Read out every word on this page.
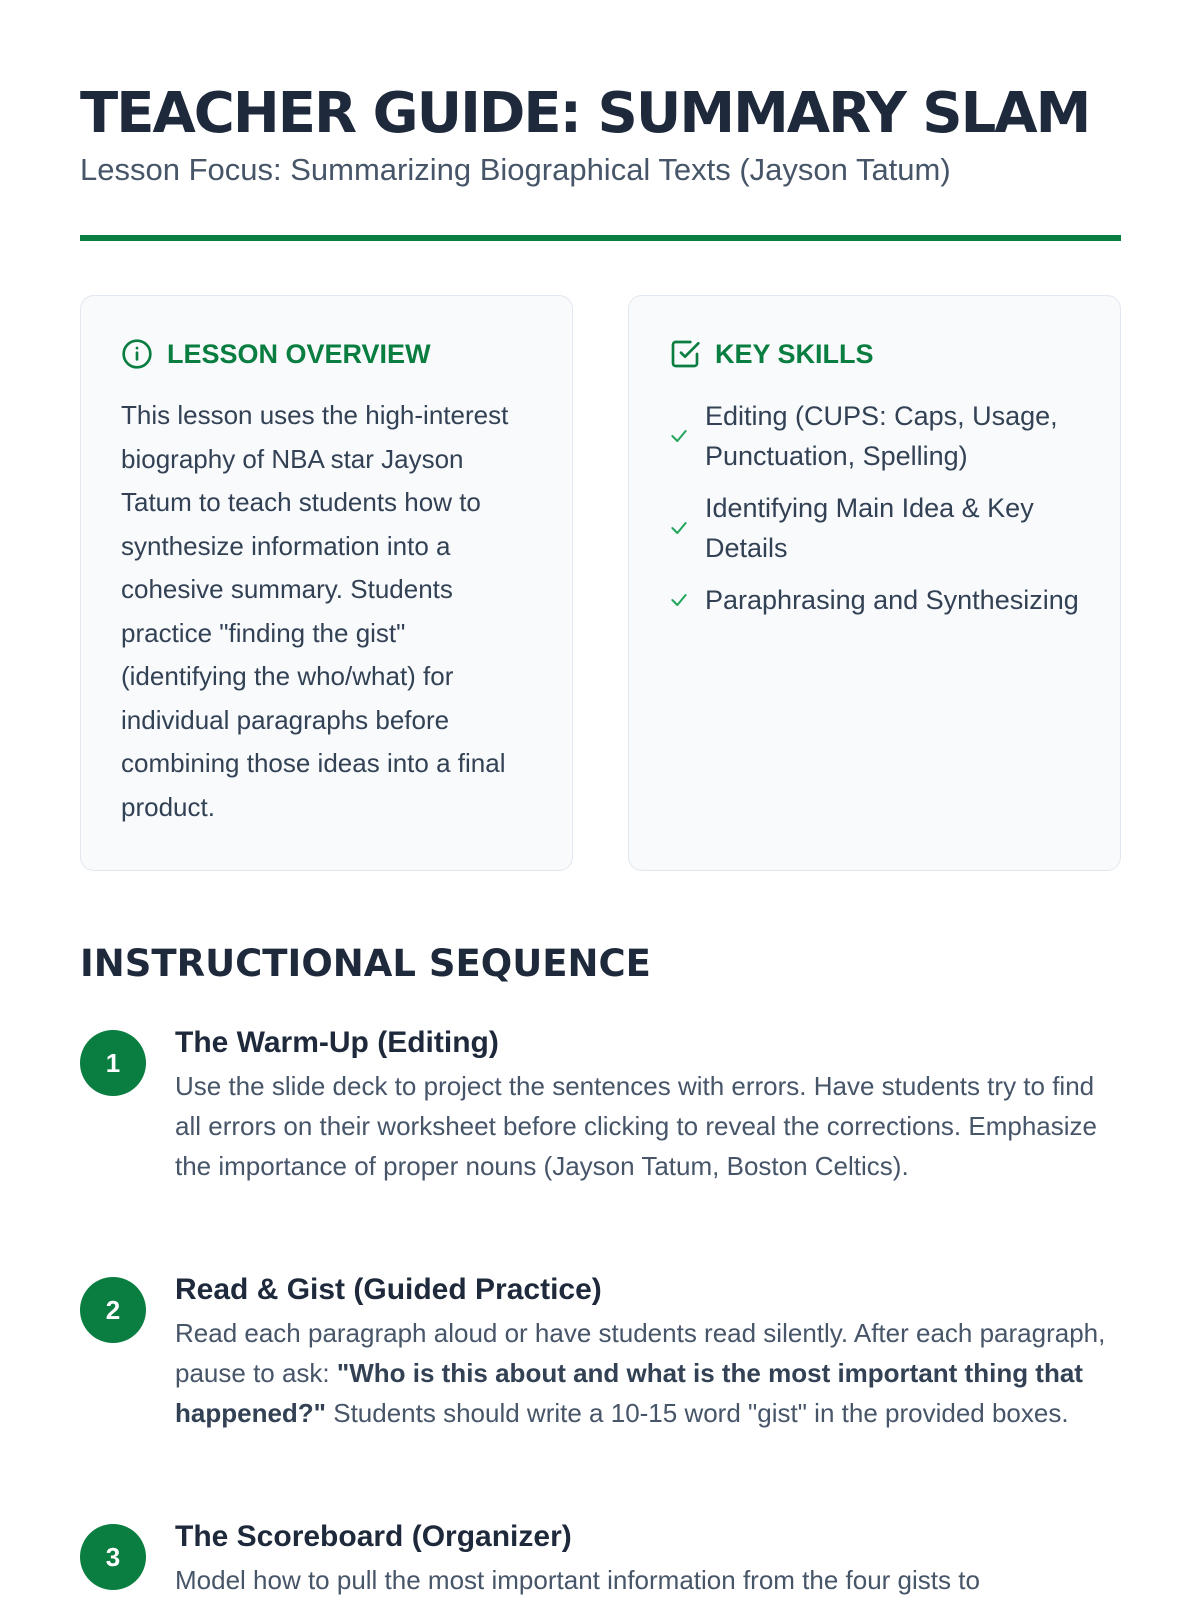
TEACHER GUIDE: SUMMARY SLAM

Lesson Focus: Summarizing Biographical Texts (Jayson Tatum)

LESSON OVERVIEW

This lesson uses the high-interest biography of NBA star Jayson Tatum to teach students how to synthesize information into a cohesive summary. Students practice "finding the gist" (identifying the who/what) for individual paragraphs before combining those ideas into a final product.

KEY SKILLS
Editing (CUPS: Caps, Usage, Punctuation, Spelling)
Identifying Main Idea & Key Details
Paraphrasing and Synthesizing
INSTRUCTIONAL SEQUENCE
1
The Warm-Up (Editing)

Use the slide deck to project the sentences with errors. Have students try to find all errors on their worksheet before clicking to reveal the corrections. Emphasize the importance of proper nouns (Jayson Tatum, Boston Celtics).

2
Read & Gist (Guided Practice)

Read each paragraph aloud or have students read silently. After each paragraph, pause to ask: "Who is this about and what is the most important thing that happened?" Students should write a 10-15 word "gist" in the provided boxes.

3
The Scoreboard (Organizer)

Model how to pull the most important information from the four gists to
